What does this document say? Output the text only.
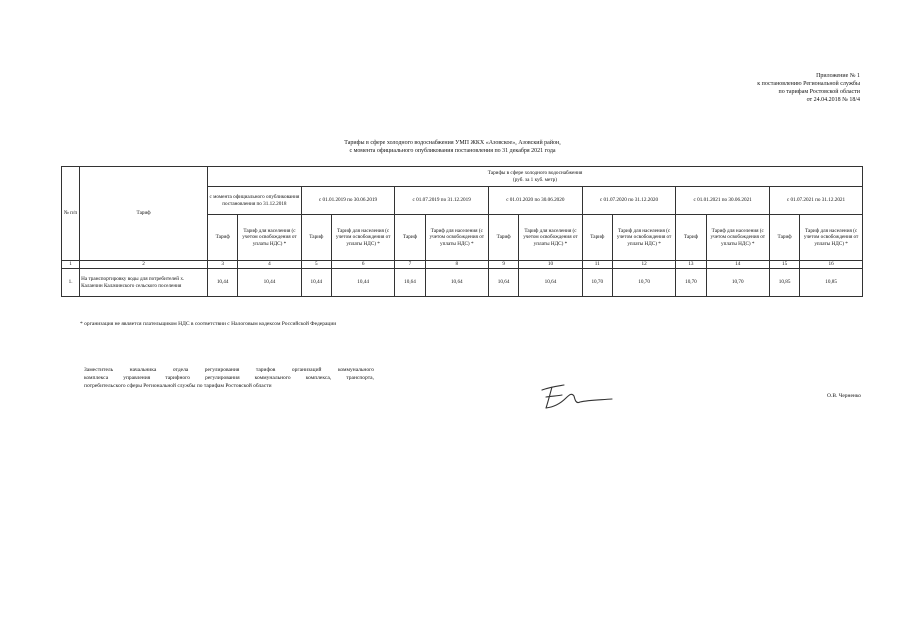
Приложение № 1
к постановлению Региональной службы
по тарифам Ростовской области
от 24.04.2018 № 18/4
Тарифы в сфере холодного водоснабжения УМП ЖКХ «Азовское», Азовский район,
с момента официального опубликования постановления по 31 декабря 2021 года
№ п/п	Тариф	Тарифы в сфере холодного водоснабжения
(руб. за 1 куб. метр)													

		с момента официального опубликования постановления по 31.12.2018		с 01.01.2019 по 30.06.2019		с 01.07.2019 по 31.12.2019		с 01.01.2020 по 30.06.2020		с 01.07.2020 по 31.12.2020		с 01.01.2021 по 30.06.2021		с 01.07.2021 по 31.12.2021	
		Тариф	Тариф для населения (с учетом освобождения от уплаты НДС) *	Тариф	Тариф для населения (с учетом освобождения от уплаты НДС) *	Тариф	Тариф для населения (с учетом освобождения от уплаты НДС) *	Тариф	Тариф для населения (с учетом освобождения от уплаты НДС) *	Тариф	Тариф для населения (с учетом освобождения от уплаты НДС) *	Тариф	Тариф для населения (с учетом освобождения от уплаты НДС) *	Тариф	Тариф для населения (с учетом освобождения от уплаты НДС) *
1	2	3	4	5	6	7	8	9	10	11	12	13	14	15	16
1.	На транспортировку воды для потребителей х. Каланчин Калачинского сельского поселения	10,44	10,44	10,44	10,44	10,64	10,64	10,64	10,64	10,70	10,70	10,70	10,70	10,85	10,85
* организация не является плательщиком НДС в соответствии с Налоговым кодексом Российской Федерации
Заместитель начальника отдела регулирования тарифов организаций коммунального
комплекса управления тарифного регулирования коммунального комплекса, транспорта,
потребительского сферы Региональной службы по тарифам Ростовской области
О.В. Черненко
